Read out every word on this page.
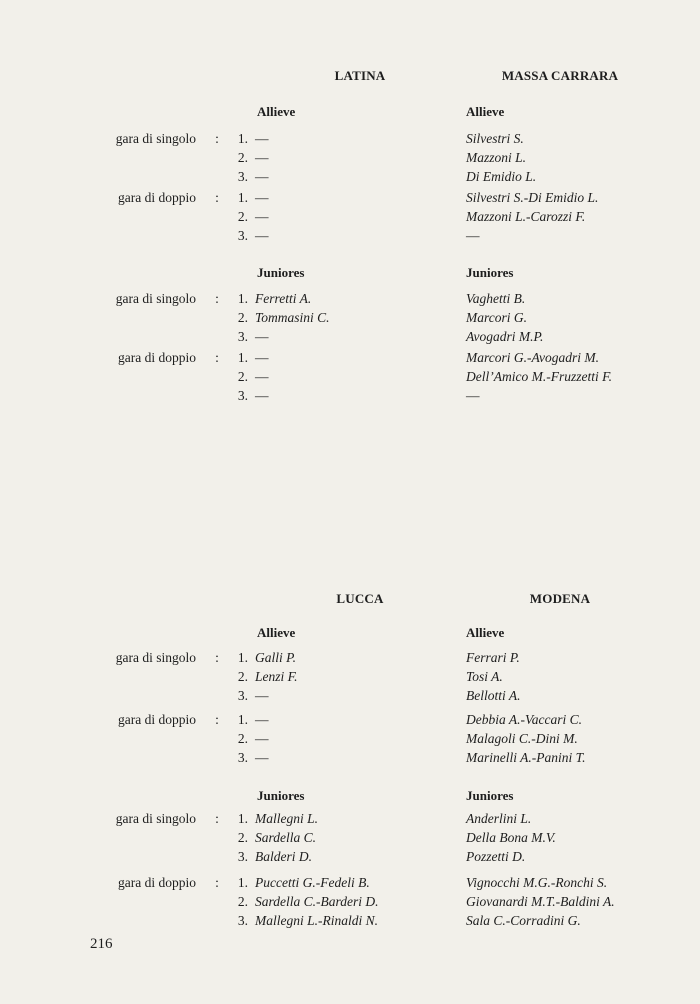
LATINA	MASSA CARRARA
Allieve	Allieve
gara di singolo :	1. —	Silvestri S.
2. —	Mazzoni L.
3. —	Di Emidio L.
gara di doppio :	1. —	Silvestri S.-Di Emidio L.
2. —	Mazzoni L.-Carozzi F.
3. —	—
Juniores	Juniores
gara di singolo :	1. Ferretti A.	Vaghetti B.
2. Tommasini C.	Marcori G.
3. —	Avogadri M.P.
gara di doppio :	1. —	Marcori G.-Avogadri M.
2. —	Dell’Amico M.-Fruzzetti F.
3. —	—
LUCCA	MODENA
Allieve	Allieve
gara di singolo :	1. Galli P.	Ferrari P.
2. Lenzi F.	Tosi A.
3. —	Bellotti A.
gara di doppio :	1. —	Debbia A.-Vaccari C.
2. —	Malagoli C.-Dini M.
3. —	Marinelli A.-Panini T.
Juniores	Juniores
gara di singolo :	1. Mallegni L.	Anderlini L.
2. Sardella C.	Della Bona M.V.
3. Balderi D.	Pozzetti D.
gara di doppio :	1. Puccetti G.-Fedeli B.	Vignocchi M.G.-Ronchi S.
2. Sardella C.-Barderi D.	Giovanardi M.T.-Baldini A.
3. Mallegni L.-Rinaldi N.	Sala C.-Corradini G.
216
